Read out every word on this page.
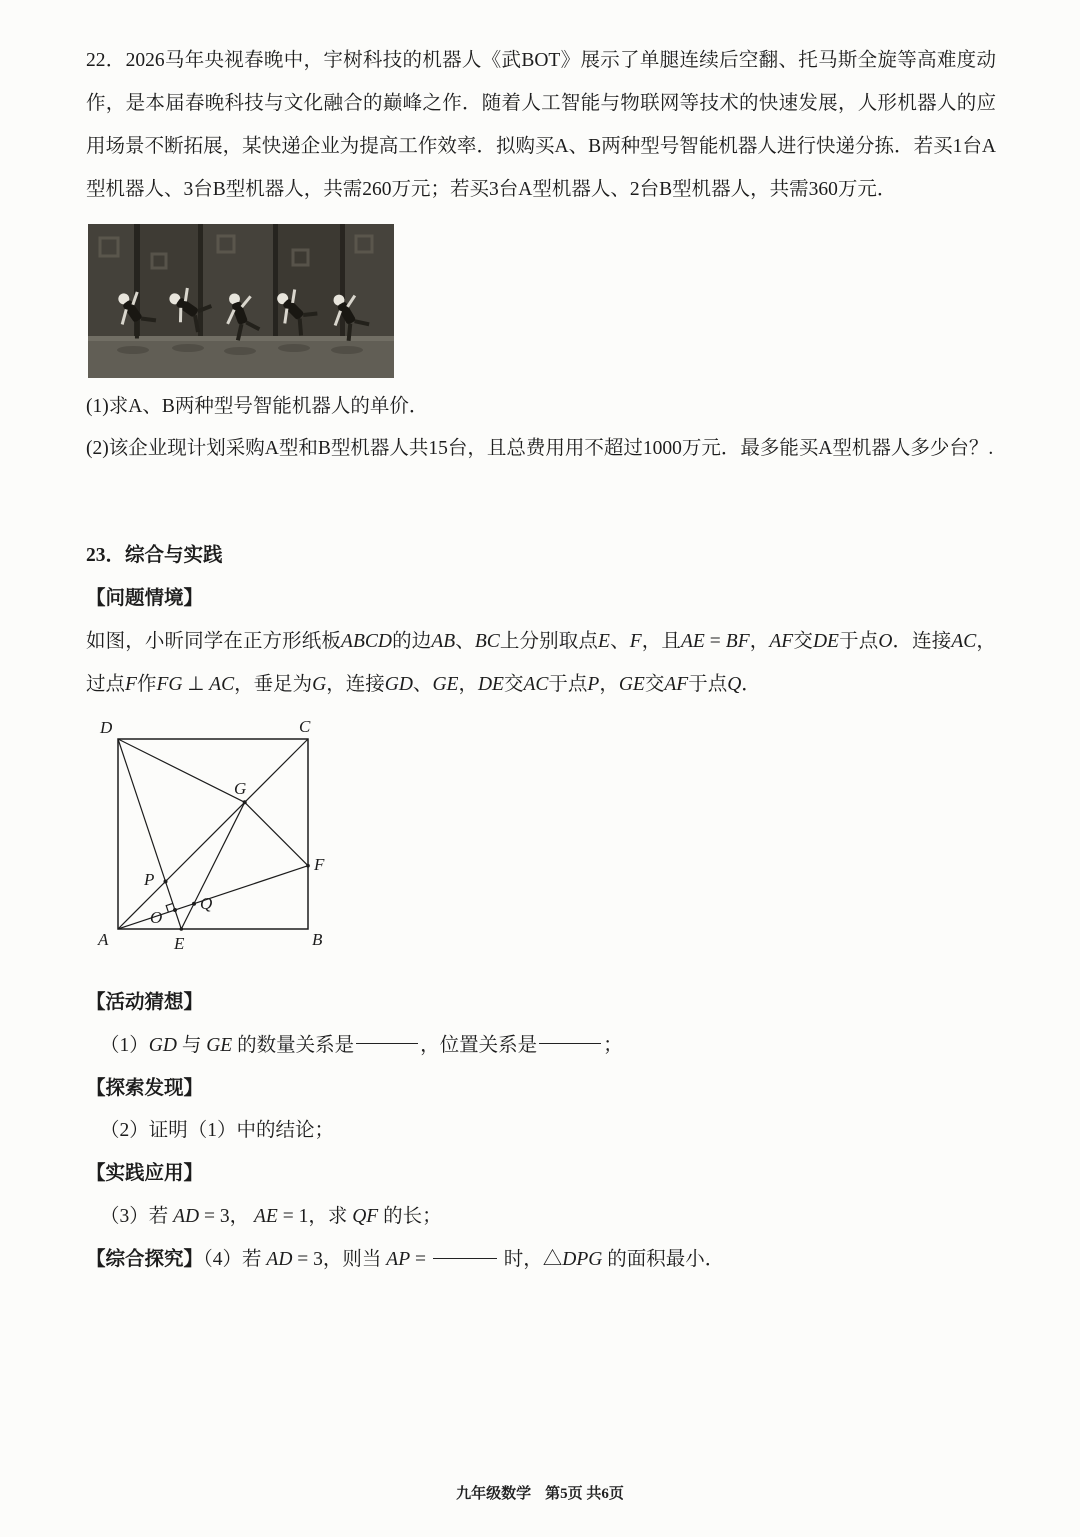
22．2026马年央视春晚中，宇树科技的机器人《武BOT》展示了单腿连续后空翻、托马斯全旋等高难度动作，是本届春晚科技与文化融合的巅峰之作．随着人工智能与物联网等技术的快速发展，人形机器人的应用场景不断拓展，某快递企业为提高工作效率．拟购买A、B两种型号智能机器人进行快递分拣．若买1台A型机器人、3台B型机器人，共需260万元；若买3台A型机器人、2台B型机器人，共需360万元．

(1)求A、B两种型号智能机器人的单价．

(2)该企业现计划采购A型和B型机器人共15台，且总费用用不超过1000万元．最多能买A型机器人多少台？.

23．综合与实践

【问题情境】

如图，小昕同学在正方形纸板ABCD的边AB、BC上分别取点E、F，且AE = BF，AF交DE于点O．连接AC，过点F作FG ⊥ AC，垂足为G，连接GD、GE，DE交AC于点P，GE交AF于点Q．

D	C
G
F
P
O
Q
A	E	B

【活动猜想】

（1）GD 与 GE 的数量关系是	，位置关系是	；

【探索发现】

（2）证明（1）中的结论；

【实践应用】

（3）若 AD = 3， AE = 1，求 QF 的长；

【综合探究】（4）若 AD = 3，则当 AP =	时，△DPG 的面积最小．

九年级数学 第5页 共6页
